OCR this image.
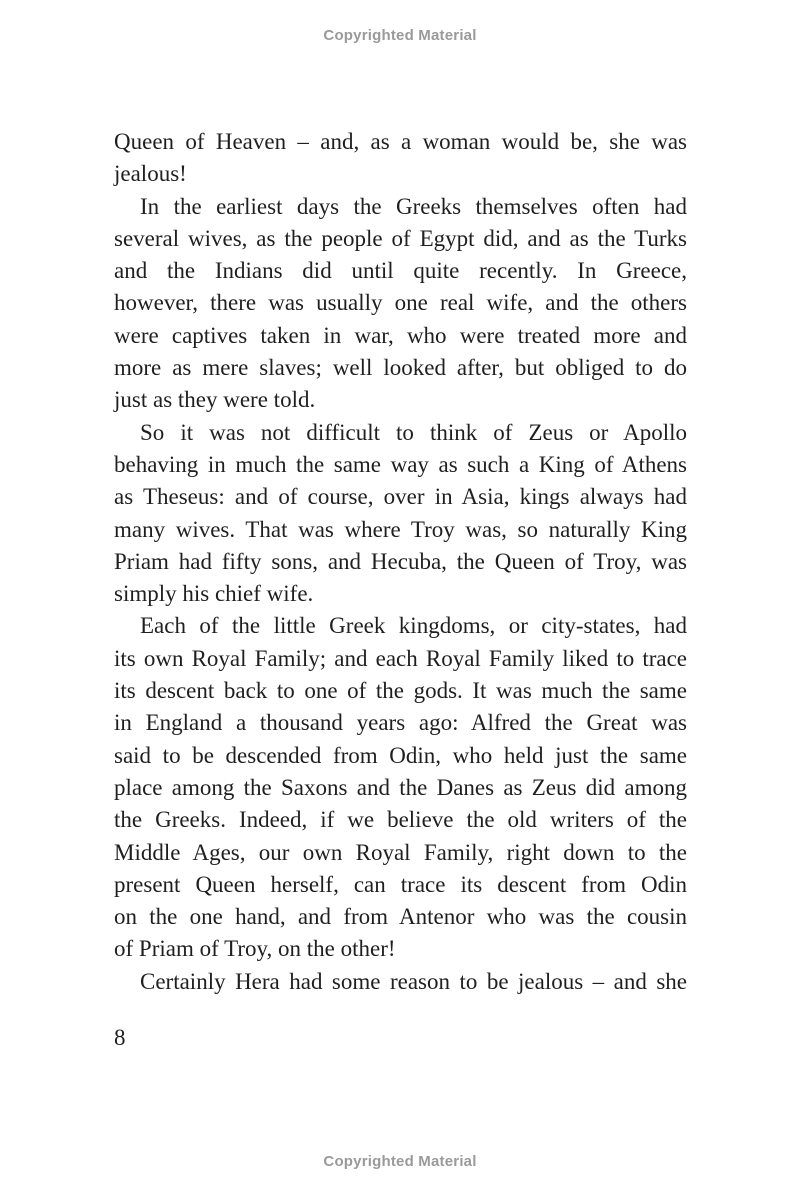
Copyrighted Material

Queen of Heaven – and, as a woman would be, she was
jealous!

In the earliest days the Greeks themselves often had
several wives, as the people of Egypt did, and as the Turks
and the Indians did until quite recently. In Greece,
however, there was usually one real wife, and the others
were captives taken in war, who were treated more and
more as mere slaves; well looked after, but obliged to do
just as they were told.

So it was not difficult to think of Zeus or Apollo
behaving in much the same way as such a King of Athens
as Theseus: and of course, over in Asia, kings always had
many wives. That was where Troy was, so naturally King
Priam had fifty sons, and Hecuba, the Queen of Troy, was
simply his chief wife.

Each of the little Greek kingdoms, or city-states, had
its own Royal Family; and each Royal Family liked to trace
its descent back to one of the gods. It was much the same
in England a thousand years ago: Alfred the Great was
said to be descended from Odin, who held just the same
place among the Saxons and the Danes as Zeus did among
the Greeks. Indeed, if we believe the old writers of the
Middle Ages, our own Royal Family, right down to the
present Queen herself, can trace its descent from Odin
on the one hand, and from Antenor who was the cousin
of Priam of Troy, on the other!

Certainly Hera had some reason to be jealous – and she

8
Copyrighted Material
